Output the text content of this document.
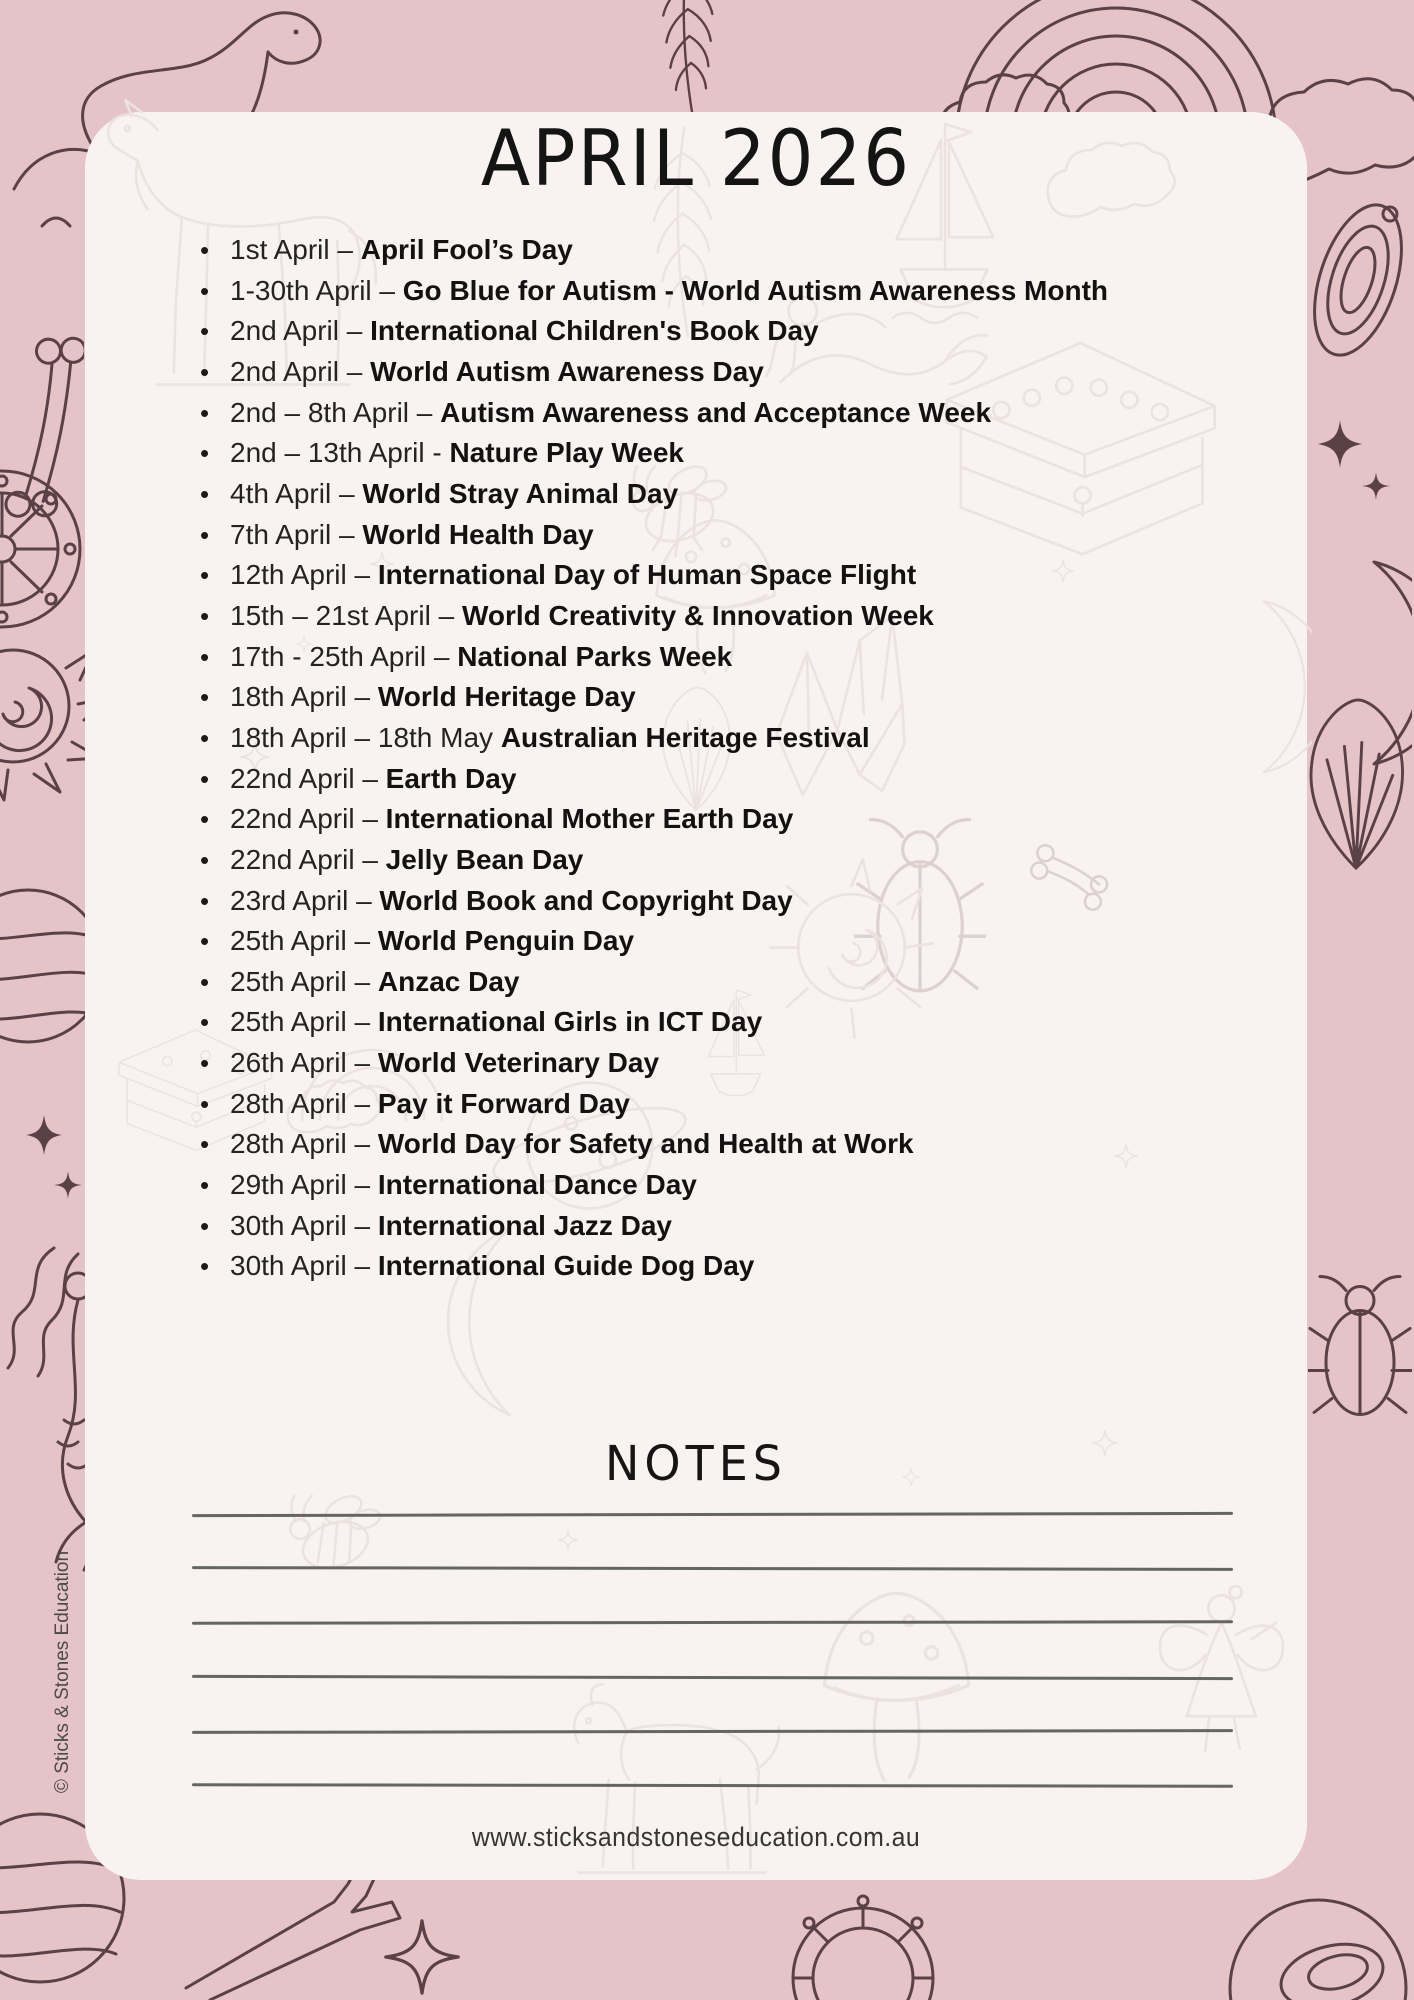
APRIL 2026
• 1st April – April Fool’s Day
• 1-30th April – Go Blue for Autism - World Autism Awareness Month
• 2nd April – International Children's Book Day
• 2nd April – World Autism Awareness Day
• 2nd – 8th April – Autism Awareness and Acceptance Week
• 2nd – 13th April - Nature Play Week
• 4th April – World Stray Animal Day
• 7th April – World Health Day
• 12th April – International Day of Human Space Flight
• 15th – 21st April – World Creativity & Innovation Week
• 17th - 25th April – National Parks Week
• 18th April – World Heritage Day
• 18th April – 18th May Australian Heritage Festival
• 22nd April – Earth Day
• 22nd April – International Mother Earth Day
• 22nd April – Jelly Bean Day
• 23rd April – World Book and Copyright Day
• 25th April – World Penguin Day
• 25th April – Anzac Day
• 25th April – International Girls in ICT Day
• 26th April – World Veterinary Day
• 28th April – Pay it Forward Day
• 28th April – World Day for Safety and Health at Work
• 29th April – International Dance Day
• 30th April – International Jazz Day
• 30th April – International Guide Dog Day
NOTES
www.sticksandstoneseducation.com.au
© Sticks & Stones Education
